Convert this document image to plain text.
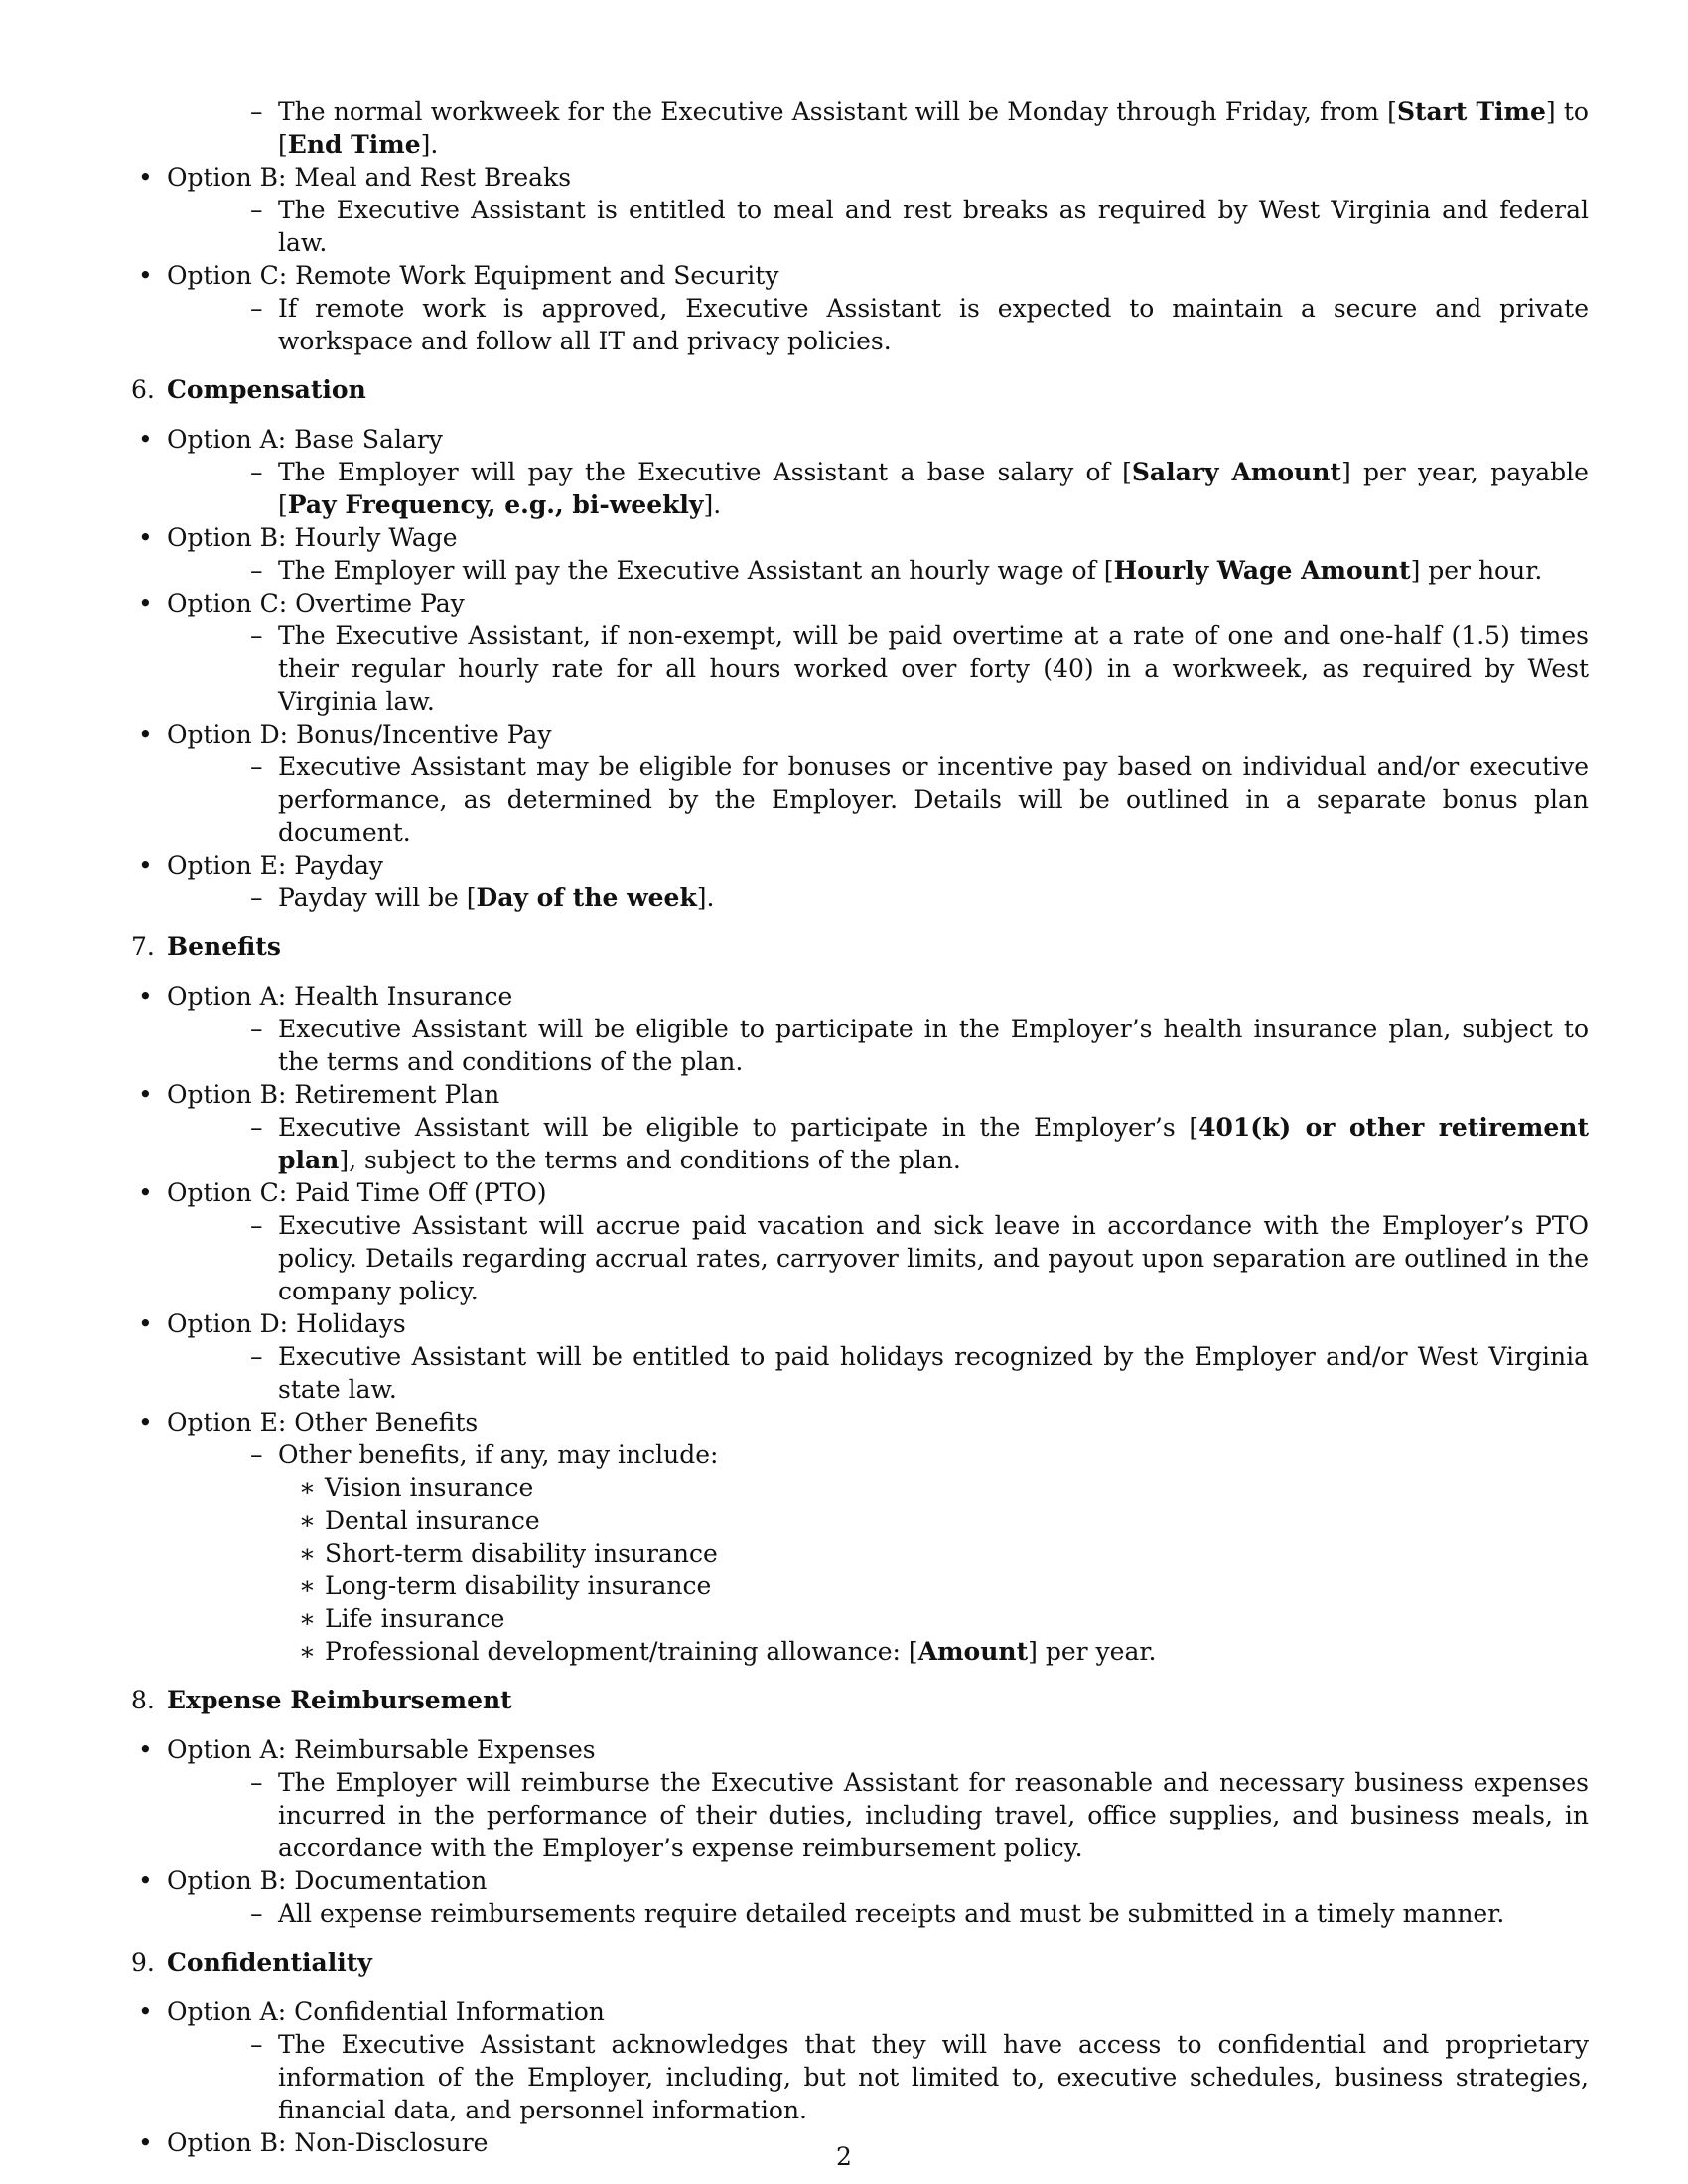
– The normal workweek for the Executive Assistant will be Monday through Friday, from [Start Time] to [End Time].
• Option B: Meal and Rest Breaks
– The Executive Assistant is entitled to meal and rest breaks as required by West Virginia and federal law.
• Option C: Remote Work Equipment and Security
– If remote work is approved, Executive Assistant is expected to maintain a secure and private workspace and follow all IT and privacy policies.
6. Compensation
• Option A: Base Salary
– The Employer will pay the Executive Assistant a base salary of [Salary Amount] per year, payable [Pay Frequency, e.g., bi-weekly].
• Option B: Hourly Wage
– The Employer will pay the Executive Assistant an hourly wage of [Hourly Wage Amount] per hour.
• Option C: Overtime Pay
– The Executive Assistant, if non-exempt, will be paid overtime at a rate of one and one-half (1.5) times their regular hourly rate for all hours worked over forty (40) in a workweek, as required by West Virginia law.
• Option D: Bonus/Incentive Pay
– Executive Assistant may be eligible for bonuses or incentive pay based on individual and/or executive performance, as determined by the Employer. Details will be outlined in a separate bonus plan document.
• Option E: Payday
– Payday will be [Day of the week].
7. Benefits
• Option A: Health Insurance
– Executive Assistant will be eligible to participate in the Employer’s health insurance plan, subject to the terms and conditions of the plan.
• Option B: Retirement Plan
– Executive Assistant will be eligible to participate in the Employer’s [401(k) or other retirement plan], subject to the terms and conditions of the plan.
• Option C: Paid Time Off (PTO)
– Executive Assistant will accrue paid vacation and sick leave in accordance with the Employer’s PTO policy. Details regarding accrual rates, carryover limits, and payout upon separation are outlined in the company policy.
• Option D: Holidays
– Executive Assistant will be entitled to paid holidays recognized by the Employer and/or West Virginia state law.
• Option E: Other Benefits
– Other benefits, if any, may include:
∗ Vision insurance
∗ Dental insurance
∗ Short-term disability insurance
∗ Long-term disability insurance
∗ Life insurance
∗ Professional development/training allowance: [Amount] per year.
8. Expense Reimbursement
• Option A: Reimbursable Expenses
– The Employer will reimburse the Executive Assistant for reasonable and necessary business expenses incurred in the performance of their duties, including travel, office supplies, and business meals, in accordance with the Employer’s expense reimbursement policy.
• Option B: Documentation
– All expense reimbursements require detailed receipts and must be submitted in a timely manner.
9. Confidentiality
• Option A: Confidential Information
– The Executive Assistant acknowledges that they will have access to confidential and proprietary information of the Employer, including, but not limited to, executive schedules, business strategies, financial data, and personnel information.
• Option B: Non-Disclosure	2
